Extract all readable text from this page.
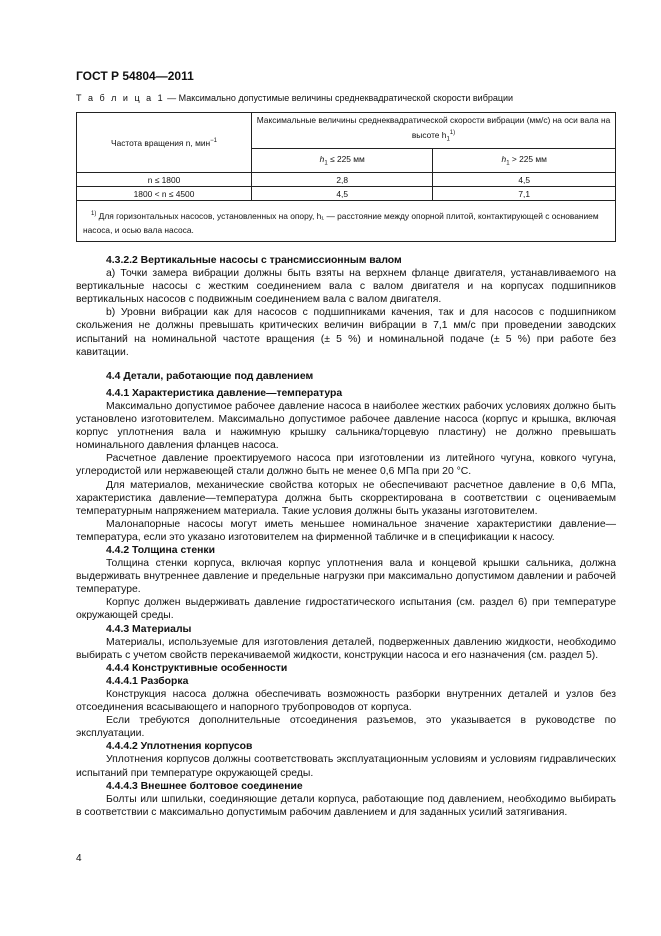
ГОСТ Р 54804—2011
Т а б л и ц а 1 — Максимально допустимые величины среднеквадратической скорости вибрации
Частота вращения n, мин$^{-1}$	Максимальные величины среднеквадратической скорости вибрации (мм/с) на оси вала на высоте $h_1^{1)}$
	$h_1 \le 225$ мм	$h_1 > 225$ мм
n ≤ 1800	2,8	4,5
1800 < n ≤ 4500	4,5	7,1
$^{1)}$ Для горизонтальных насосов, установленных на опору, h₁ — расстояние между опорной плитой, контактирующей с основанием насоса, и осью вала насоса.		

4.3.2.2 Вертикальные насосы с трансмиссионным валом

а) Точки замера вибрации должны быть взяты на верхнем фланце двигателя, устанавливаемого на вертикальные насосы с жестким соединением вала с валом двигателя и на корпусах подшипников вертикальных насосов с подвижным соединением вала с валом двигателя.

b) Уровни вибрации как для насосов с подшипниками качения, так и для насосов с подшипником скольжения не должны превышать критических величин вибрации в 7,1 мм/с при проведении заводских испытаний на номинальной частоте вращения (± 5 %) и номинальной подаче (± 5 %) при работе без кавитации.

4.4 Детали, работающие под давлением

4.4.1 Характеристика давление—температура

Максимально допустимое рабочее давление насоса в наиболее жестких рабочих условиях должно быть установлено изготовителем. Максимально допустимое рабочее давление насоса (корпус и крышка, включая корпус уплотнения вала и нажимную крышку сальника/торцевую пластину) не должно превышать номинального давления фланцев насоса.

Расчетное давление проектируемого насоса при изготовлении из литейного чугуна, ковкого чугуна, углеродистой или нержавеющей стали должно быть не менее 0,6 МПа при 20 °С.

Для материалов, механические свойства которых не обеспечивают расчетное давление в 0,6 МПа, характеристика давление—температура должна быть скорректирована в соответствии с оцениваемым температурным напряжением материала. Такие условия должны быть указаны изготовителем.

Малонапорные насосы могут иметь меньшее номинальное значение характеристики давление—температура, если это указано изготовителем на фирменной табличке и в спецификации к насосу.

4.4.2 Толщина стенки

Толщина стенки корпуса, включая корпус уплотнения вала и концевой крышки сальника, должна выдерживать внутреннее давление и предельные нагрузки при максимально допустимом давлении и рабочей температуре.

Корпус должен выдерживать давление гидростатического испытания (см. раздел 6) при температуре окружающей среды.

4.4.3 Материалы

Материалы, используемые для изготовления деталей, подверженных давлению жидкости, необходимо выбирать с учетом свойств перекачиваемой жидкости, конструкции насоса и его назначения (см. раздел 5).

4.4.4 Конструктивные особенности

4.4.4.1 Разборка

Конструкция насоса должна обеспечивать возможность разборки внутренних деталей и узлов без отсоединения всасывающего и напорного трубопроводов от корпуса.

Если требуются дополнительные отсоединения разъемов, это указывается в руководстве по эксплуатации.

4.4.4.2 Уплотнения корпусов

Уплотнения корпусов должны соответствовать эксплуатационным условиям и условиям гидравлических испытаний при температуре окружающей среды.

4.4.4.3 Внешнее болтовое соединение

Болты или шпильки, соединяющие детали корпуса, работающие под давлением, необходимо выбирать в соответствии с максимально допустимым рабочим давлением и для заданных усилий затягивания.

4
